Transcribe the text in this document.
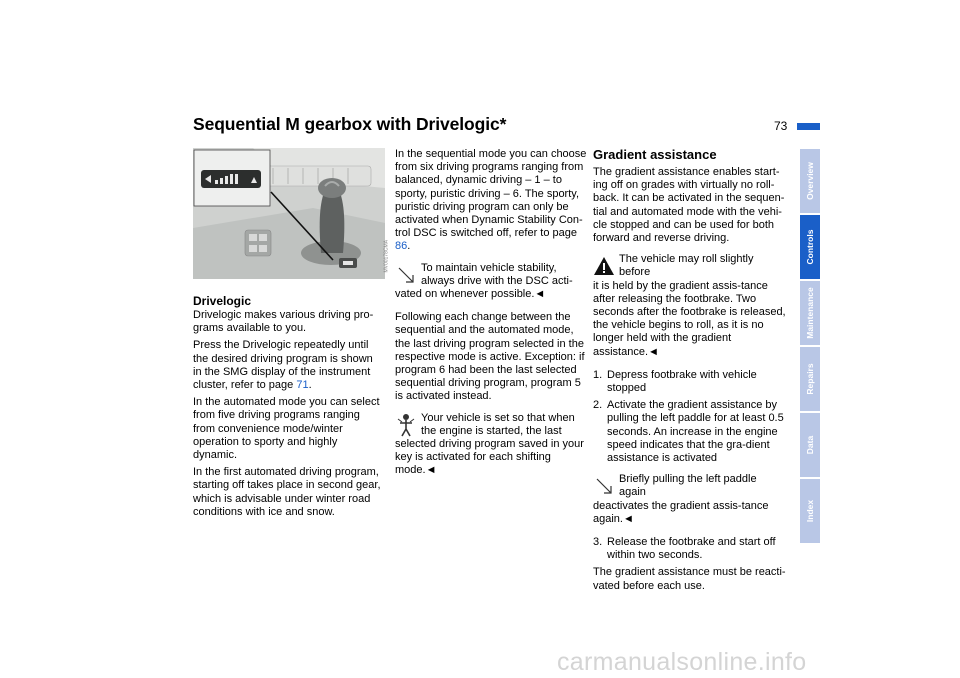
Sequential M gearbox with Drivelogic*	73
MV00178CMA
Drivelogic

Drivelogic makes various driving pro-grams available to you.

Press the Drivelogic repeatedly until the desired driving program is shown in the SMG display of the instrument cluster, refer to page 71.

In the automated mode you can select from five driving programs ranging from convenience mode/winter operation to sporty and highly dynamic.

In the first automated driving program, starting off takes place in second gear, which is advisable under winter road conditions with ice and snow.

In the sequential mode you can choose from six driving programs ranging from balanced, dynamic driving – 1 – to sporty, puristic driving – 6. The sporty, puristic driving program can only be activated when Dynamic Stability Con-trol DSC is switched off, refer to page 86.

To maintain vehicle stability,
always drive with the DSC acti-vated on whenever possible.◄

Following each change between the sequential and the automated mode, the last driving program selected in the respective mode is active. Exception: if program 6 had been the last selected sequential driving program, program 5 is activated instead.

Your vehicle is set so that when
the engine is started, the last selected driving program saved in your key is activated for each shifting mode.◄
Gradient assistance

The gradient assistance enables start-ing off on grades with virtually no roll-back. It can be activated in the sequen-tial and automated mode with the vehi-cle stopped and can be used for both forward and reverse driving.

The vehicle may roll slightly before
it is held by the gradient assis-tance after releasing the footbrake. Two seconds after the footbrake is released, the vehicle begins to roll, as it is no longer held with the gradient assistance.◄
1. Depress footbrake with vehicle stopped
2. Activate the gradient assistance by pulling the left paddle for at least 0.5 seconds. An increase in the engine speed indicates that the gra-dient assistance is activated
Briefly pulling the left paddle again
deactivates the gradient assis-tance again.◄
3. Release the footbrake and start off within two seconds.

The gradient assistance must be reacti-vated before each use.

Overview
Controls
Maintenance
Repairs
Data
Index
carmanualsonline.info
